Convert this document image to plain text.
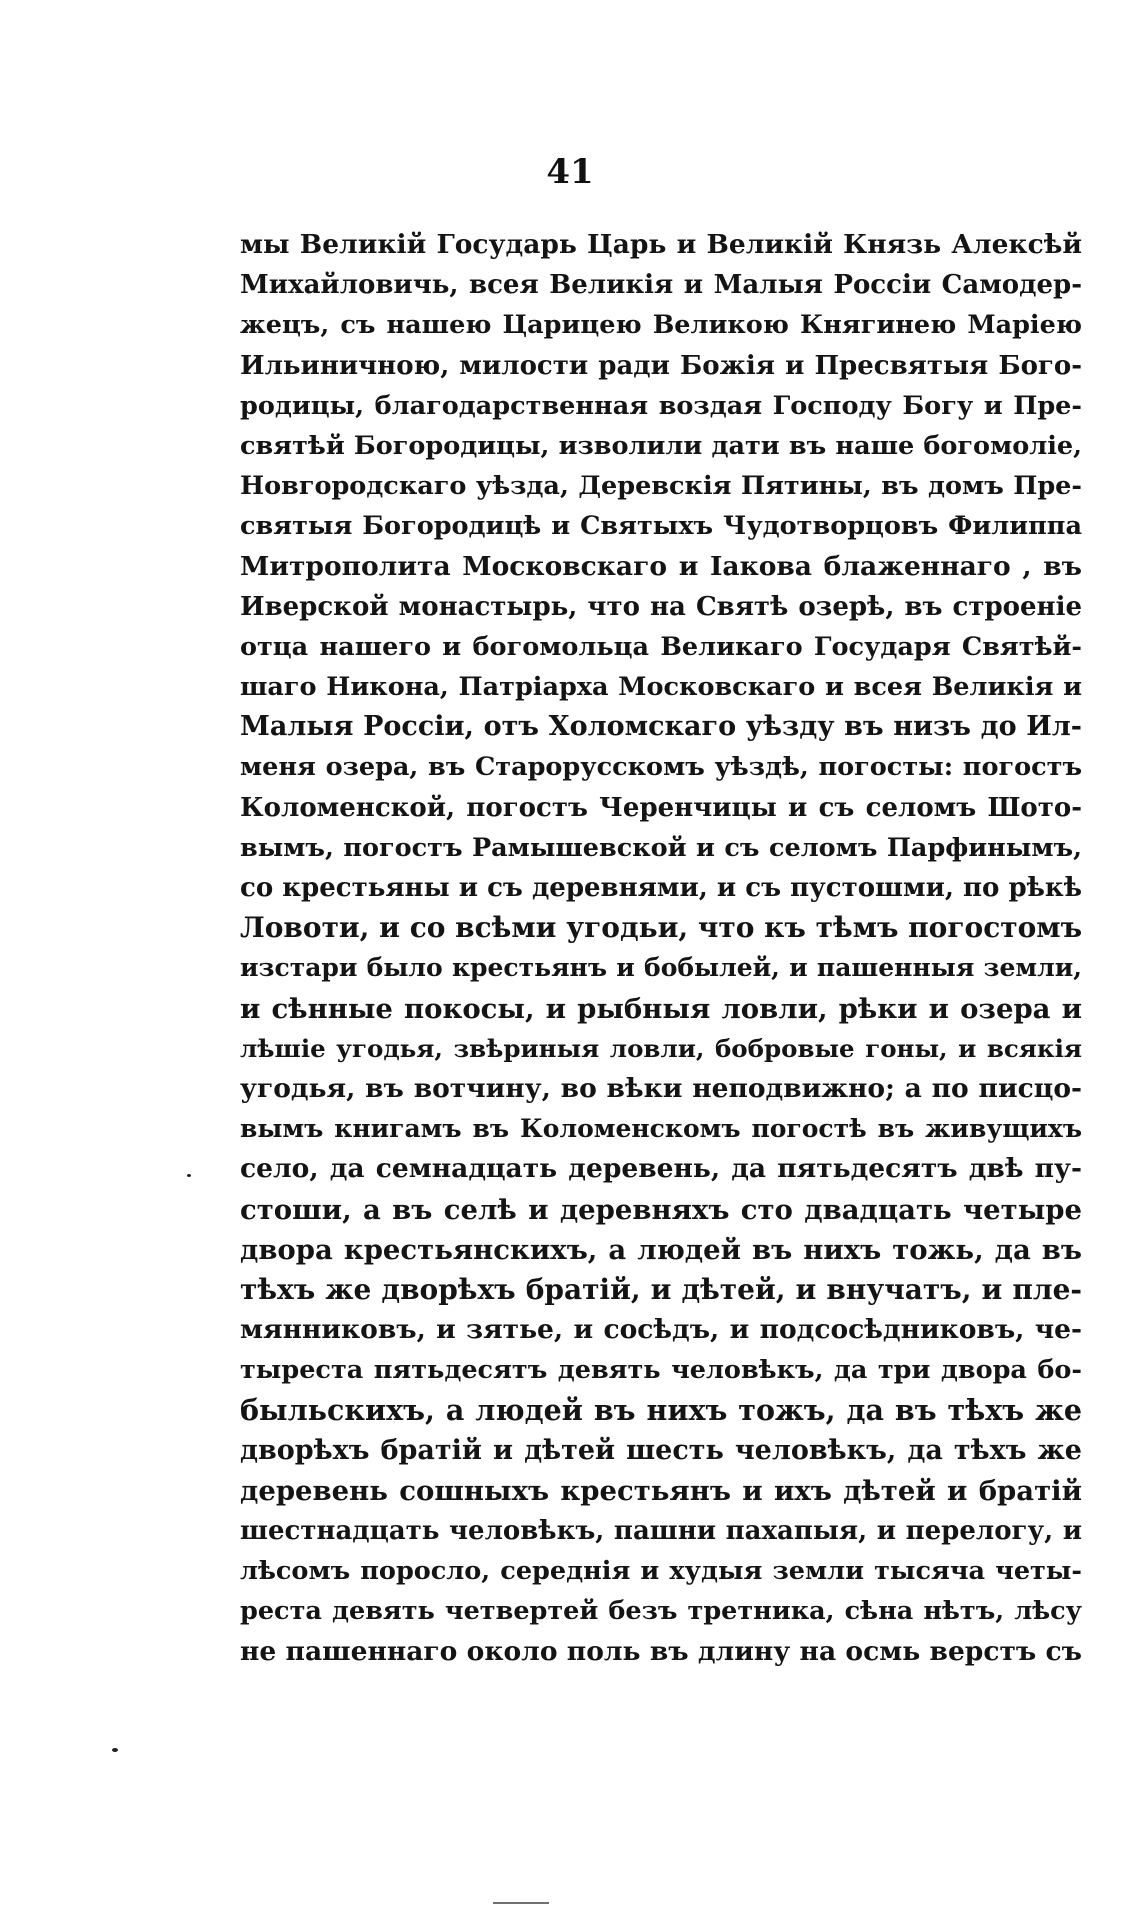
41
мы Великій Государь Царь и Великій Князь Алексѣй
Михайловичь, всея Великія и Малыя Россіи Самодер-
жецъ, съ нашею Царицею Великою Княгинею Маріею
Ильиничною, милости ради Божія и Пресвятыя Бого-
родицы, благодарственная воздая Господу Богу и Пре-
святѣй Богородицы, изволили дати въ наше богомоліе,
Новгородскаго уѣзда, Деревскія Пятины, въ домъ Пре-
святыя Богородицѣ и Святыхъ Чудотворцовъ Филиппа
Митрополита Московскаго и Іакова блаженнаго , въ
Иверской монастырь, что на Святѣ озерѣ, въ строеніе
отца нашего и богомольца Великаго Государя Святѣй-
шаго Никона, Патріарха Московскаго и всея Великія и
Малыя Россіи, отъ Холомскаго уѣзду въ низъ до Ил-
меня озера, въ Старорусскомъ уѣздѣ, погосты: погостъ
Коломенской, погостъ Черенчицы и съ селомъ Шото-
вымъ, погостъ Рамышевской и съ селомъ Парфинымъ,
со крестьяны и съ деревнями, и съ пустошми, по рѣкѣ
Ловоти, и со всѣми угодьи, что къ тѣмъ погостомъ
изстари было крестьянъ и бобылей, и пашенныя земли,
и сѣнные покосы, и рыбныя ловли, рѣки и озера и
лѣшіе угодья, звѣриныя ловли, бобровые гоны, и всякія
угодья, въ вотчину, во вѣки неподвижно; а по писцо-
вымъ книгамъ въ Коломенскомъ погостѣ въ живущихъ
село, да семнадцать деревень, да пятьдесятъ двѣ пу-
стоши, а въ селѣ и деревняхъ сто двадцать четыре
двора крестьянскихъ, а людей въ нихъ тожь, да въ
тѣхъ же дворѣхъ братій, и дѣтей, и внучатъ, и пле-
мянниковъ, и зятье, и сосѣдъ, и подсосѣдниковъ, че-
тыреста пятьдесятъ девять человѣкъ, да три двора бо-
быльскихъ, а людей въ нихъ тожъ, да въ тѣхъ же
дворѣхъ братій и дѣтей шесть человѣкъ, да тѣхъ же
деревень сошныхъ крестьянъ и ихъ дѣтей и братій
шестнадцать человѣкъ, пашни пахапыя, и перелогу, и
лѣсомъ поросло, середнія и худыя земли тысяча четы-
реста девять четвертей безъ третника, сѣна нѣтъ, лѣсу
не пашеннаго около поль въ длину на осмь верстъ съ
